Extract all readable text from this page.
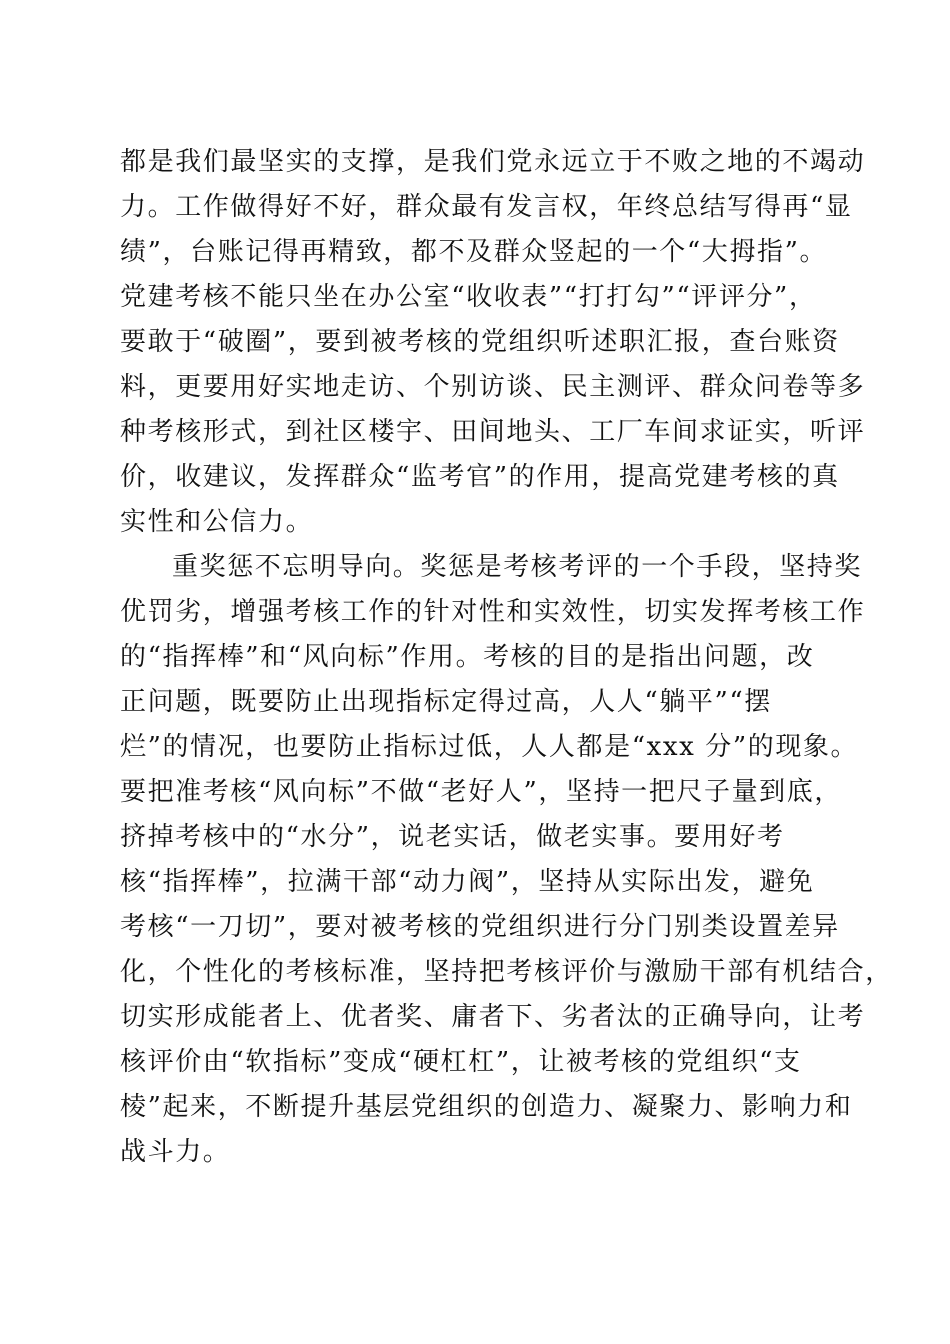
都是我们最坚实的支撑，是我们党永远立于不败之地的不竭动
力。工作做得好不好，群众最有发言权，年终总结写得再“显
绩”，台账记得再精致，都不及群众竖起的一个“大拇指”。
党建考核不能只坐在办公室“收收表”“打打勾”“评评分”，
要敢于“破圈”，要到被考核的党组织听述职汇报，查台账资
料，更要用好实地走访、个别访谈、民主测评、群众问卷等多
种考核形式，到社区楼宇、田间地头、工厂车间求证实，听评
价，收建议，发挥群众“监考官”的作用，提高党建考核的真
实性和公信力。
重奖惩不忘明导向。奖惩是考核考评的一个手段，坚持奖
优罚劣，增强考核工作的针对性和实效性，切实发挥考核工作
的“指挥棒”和“风向标”作用。考核的目的是指出问题，改
正问题，既要防止出现指标定得过高，人人“躺平”“摆
烂”的情况，也要防止指标过低，人人都是“xxx 分”的现象。
要把准考核“风向标”不做“老好人”，坚持一把尺子量到底，
挤掉考核中的“水分”，说老实话，做老实事。要用好考
核“指挥棒”，拉满干部“动力阀”，坚持从实际出发，避免
考核“一刀切”，要对被考核的党组织进行分门别类设置差异
化，个性化的考核标准，坚持把考核评价与激励干部有机结合，
切实形成能者上、优者奖、庸者下、劣者汰的正确导向，让考
核评价由“软指标”变成“硬杠杠”，让被考核的党组织“支
棱”起来，不断提升基层党组织的创造力、凝聚力、影响力和
战斗力。
